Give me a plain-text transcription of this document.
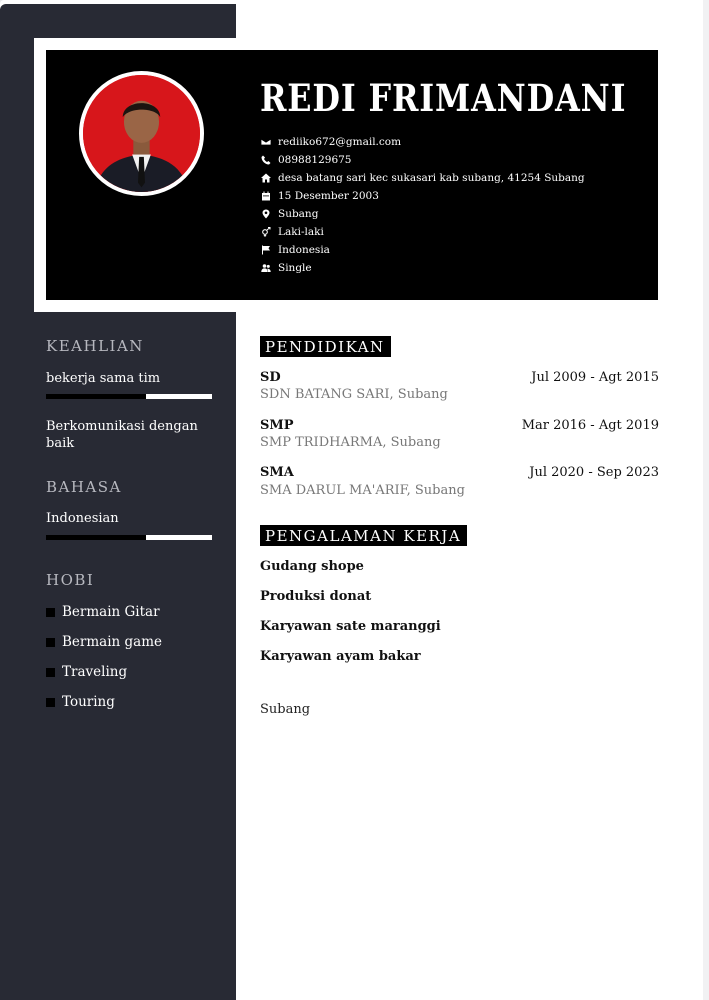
REDI FRIMANDANI
rediiko672@gmail.com
08988129675
desa batang sari kec sukasari kab subang, 41254 Subang
15 Desember 2003
Subang
Laki-laki
Indonesia
Single
KEAHLIAN
bekerja sama tim
Berkomunikasi dengan baik
BAHASA
Indonesian
HOBI
Bermain Gitar
Bermain game
Traveling
Touring
PENDIDIKAN
SD	Jul 2009 - Agt 2015
SDN BATANG SARI, Subang
SMP	Mar 2016 - Agt 2019
SMP TRIDHARMA, Subang
SMA	Jul 2020 - Sep 2023
SMA DARUL MA'ARIF, Subang
PENGALAMAN KERJA
Gudang shope
Produksi donat
Karyawan sate maranggi
Karyawan ayam bakar
Subang
